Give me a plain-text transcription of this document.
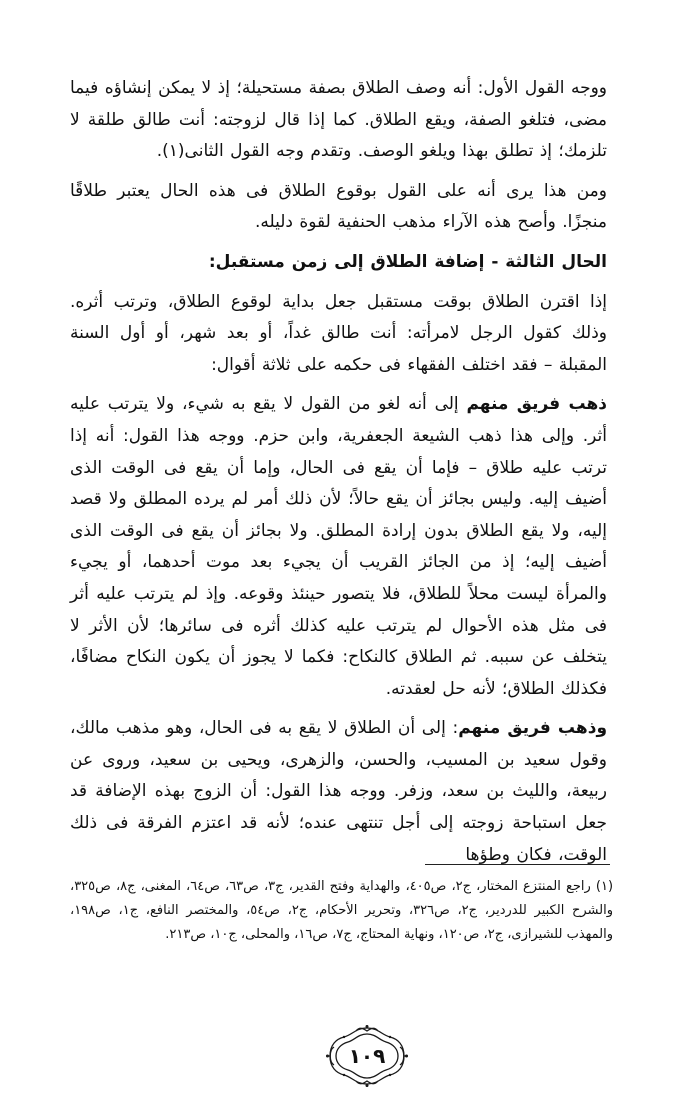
ووجه القول الأول: أنه وصف الطلاق بصفة مستحيلة؛ إذ لا يمكن إنشاؤه فيما مضى، فتلغو الصفة، ويقع الطلاق. كما إذا قال لزوجته: أنت طالق طلقة لا تلزمك؛ إذ تطلق بهذا ويلغو الوصف. وتقدم وجه القول الثانى(١).

ومن هذا يرى أنه على القول بوقوع الطلاق فى هذه الحال يعتبر طلاقًا منجزًا. وأصح هذه الآراء مذهب الحنفية لقوة دليله.

الحال الثالثة - إضافة الطلاق إلى زمن مستقبل:

إذا اقترن الطلاق بوقت مستقبل جعل بداية لوقوع الطلاق، وترتب أثره. وذلك كقول الرجل لامرأته: أنت طالق غداً، أو بعد شهر، أو أول السنة المقبلة – فقد اختلف الفقهاء فى حكمه على ثلاثة أقوال:

ذهب فريق منهم إلى أنه لغو من القول لا يقع به شيء، ولا يترتب عليه أثر. وإلى هذا ذهب الشيعة الجعفرية، وابن حزم. ووجه هذا القول: أنه إذا ترتب عليه طلاق – فإما أن يقع فى الحال، وإما أن يقع فى الوقت الذى أضيف إليه. وليس بجائز أن يقع حالاً؛ لأن ذلك أمر لم يرده المطلق ولا قصد إليه، ولا يقع الطلاق بدون إرادة المطلق. ولا بجائز أن يقع فى الوقت الذى أضيف إليه؛ إذ من الجائز القريب أن يجيء بعد موت أحدهما، أو يجيء والمرأة ليست محلاً للطلاق، فلا يتصور حينئذ وقوعه. وإذ لم يترتب عليه أثر فى مثل هذه الأحوال لم يترتب عليه كذلك أثره فى سائرها؛ لأن الأثر لا يتخلف عن سببه. ثم الطلاق كالنكاح: فكما لا يجوز أن يكون النكاح مضافًا، فكذلك الطلاق؛ لأنه حل لعقدته.

وذهب فريق منهم: إلى أن الطلاق لا يقع به فى الحال، وهو مذهب مالك، وقول سعيد بن المسيب، والحسن، والزهرى، ويحيى بن سعيد، وروى عن ربيعة، والليث بن سعد، وزفر. ووجه هذا القول: أن الزوج بهذه الإضافة قد جعل استباحة زوجته إلى أجل تنتهى عنده؛ لأنه قد اعتزم الفرقة فى ذلك الوقت، فكان وطؤها

(١) راجع المنتزع المختار، ج٢، ص٤٠٥، والهداية وفتح القدير، ج٣، ص٦٣، ص٦٤، المغنى، ج٨، ص٣٢٥، والشرح الكبير للدردير، ج٢، ص٣٢٦، وتحرير الأحكام، ج٢، ص٥٤، والمختصر النافع، ج١، ص١٩٨، والمهذب للشيرازى، ج٢، ص١٢٠، ونهاية المحتاج، ج٧، ص١٦، والمحلى، ج١٠، ص٢١٣.

١٠٩
